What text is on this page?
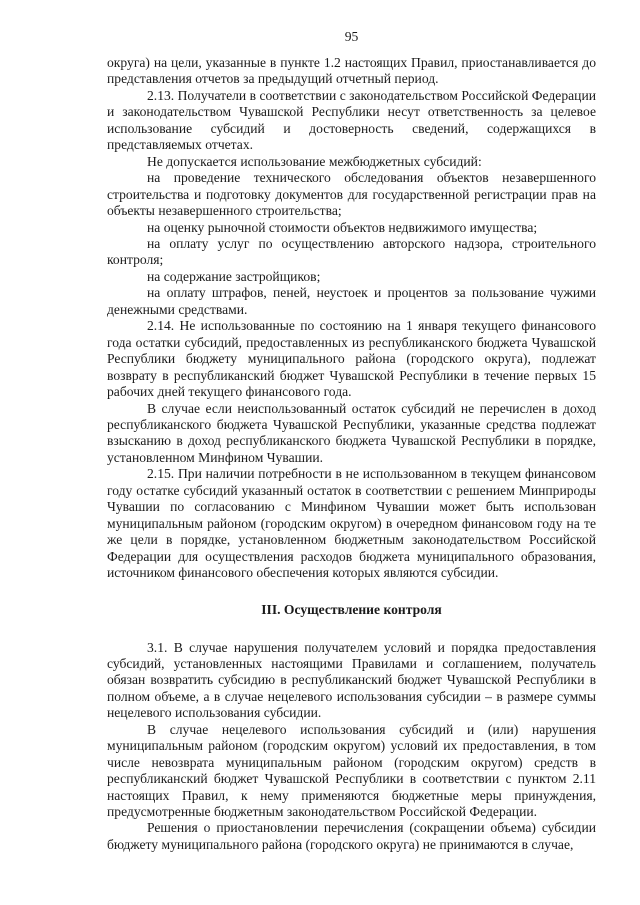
95

округа) на цели, указанные в пункте 1.2 настоящих Правил, приостанавливается до представления отчетов за предыдущий отчетный период.

2.13. Получатели в соответствии с законодательством Российской Федерации и законодательством Чувашской Республики несут ответственность за целевое использование субсидий и достоверность сведений, содержащихся в представляемых отчетах.

Не допускается использование межбюджетных субсидий:

на проведение технического обследования объектов незавершенного строительства и подготовку документов для государственной регистрации прав на объекты незавершенного строительства;

на оценку рыночной стоимости объектов недвижимого имущества;

на оплату услуг по осуществлению авторского надзора, строительного контроля;

на содержание застройщиков;

на оплату штрафов, пеней, неустоек и процентов за пользование чужими денежными средствами.

2.14. Не использованные по состоянию на 1 января текущего финансового года остатки субсидий, предоставленных из республиканского бюджета Чувашской Республики бюджету муниципального района (городского округа), подлежат возврату в республиканский бюджет Чувашской Республики в течение первых 15 рабочих дней текущего финансового года.

В случае если неиспользованный остаток субсидий не перечислен в доход республиканского бюджета Чувашской Республики, указанные средства подлежат взысканию в доход республиканского бюджета Чувашской Республики в порядке, установленном Минфином Чувашии.

2.15. При наличии потребности в не использованном в текущем финансовом году остатке субсидий указанный остаток в соответствии с решением Минприроды Чувашии по согласованию с Минфином Чувашии может быть использован муниципальным районом (городским округом) в очередном финансовом году на те же цели в порядке, установленном бюджетным законодательством Российской Федерации для осуществления расходов бюджета муниципального образования, источником финансового обеспечения которых являются субсидии.

III. Осуществление контроля

3.1. В случае нарушения получателем условий и порядка предоставления субсидий, установленных настоящими Правилами и соглашением, получатель обязан возвратить субсидию в республиканский бюджет Чувашской Республики в полном объеме, а в случае нецелевого использования субсидии – в размере суммы нецелевого использования субсидии.

В случае нецелевого использования субсидий и (или) нарушения муниципальным районом (городским округом) условий их предоставления, в том числе невозврата муниципальным районом (городским округом) средств в республиканский бюджет Чувашской Республики в соответствии с пунктом 2.11 настоящих Правил, к нему применяются бюджетные меры принуждения, предусмотренные бюджетным законодательством Российской Федерации.

Решения о приостановлении перечисления (сокращении объема) субсидии бюджету муниципального района (городского округа) не принимаются в случае,
